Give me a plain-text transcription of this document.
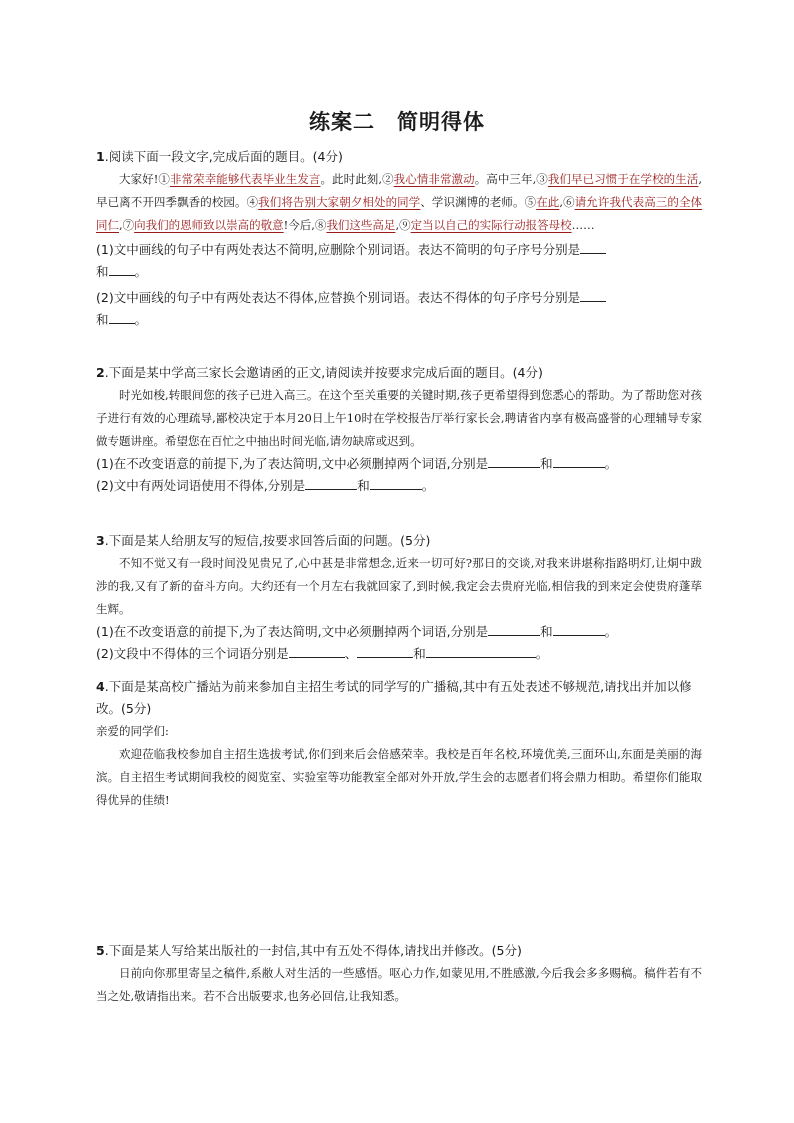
练案二　简明得体
1.阅读下面一段文字,完成后面的题目。(4分)
大家好!①非常荣幸能够代表毕业生发言。此时此刻,②我心情非常激动。高中三年,③我们早已习惯于在学校的生活,早已离不开四季飘香的校园。④我们将告别大家朝夕相处的同学、学识渊博的老师。⑤在此,⑥请允许我代表高三的全体同仁,⑦向我们的恩师致以崇高的敬意!今后,⑧我们这些高足,⑨定当以自己的实际行动报答母校……
(1)文中画线的句子中有两处表达不简明,应删除个别词语。表达不简明的句子序号分别是
和 。
(2)文中画线的句子中有两处表达不得体,应替换个别词语。表达不得体的句子序号分别是
和 。
2.下面是某中学高三家长会邀请函的正文,请阅读并按要求完成后面的题目。(4分)
时光如梭,转眼间您的孩子已进入高三。在这个至关重要的关键时期,孩子更希望得到您悉心的帮助。为了帮助您对孩子进行有效的心理疏导,鄙校决定于本月20日上午10时在学校报告厅举行家长会,聘请省内享有极高盛誉的心理辅导专家做专题讲座。希望您在百忙之中抽出时间光临,请勿缺席或迟到。
(1)在不改变语意的前提下,为了表达简明,文中必须删掉两个词语,分别是	和	。
(2)文中有两处词语使用不得体,分别是	和	。
3.下面是某人给朋友写的短信,按要求回答后面的问题。(5分)
不知不觉又有一段时间没见贵兄了,心中甚是非常想念,近来一切可好?那日的交谈,对我来讲堪称指路明灯,让烔中跋涉的我,又有了新的奋斗方向。大约还有一个月左右我就回家了,到时候,我定会去贵府光临,相信我的到来定会使贵府蓬荜生辉。
(1)在不改变语意的前提下,为了表达简明,文中必须删掉两个词语,分别是	和	。
(2)文段中不得体的三个词语分别是	、	和	。
4.下面是某高校广播站为前来参加自主招生考试的同学写的广播稿,其中有五处表述不够规范,请找出并加以修改。(5分)
亲爱的同学们:
欢迎莅临我校参加自主招生选拔考试,你们到来后会倍感荣幸。我校是百年名校,环境优美,三面环山,东面是美丽的海滨。自主招生考试期间我校的阅览室、实验室等功能教室全部对外开放,学生会的志愿者们将会鼎力相助。希望你们能取得优异的佳绩!
5.下面是某人写给某出版社的一封信,其中有五处不得体,请找出并修改。(5分)
日前向你那里寄呈之稿件,系敝人对生活的一些感悟。呕心力作,如蒙见用,不胜感激,今后我会多多赐稿。稿件若有不当之处,敬请指出来。若不合出版要求,也务必回信,让我知悉。
